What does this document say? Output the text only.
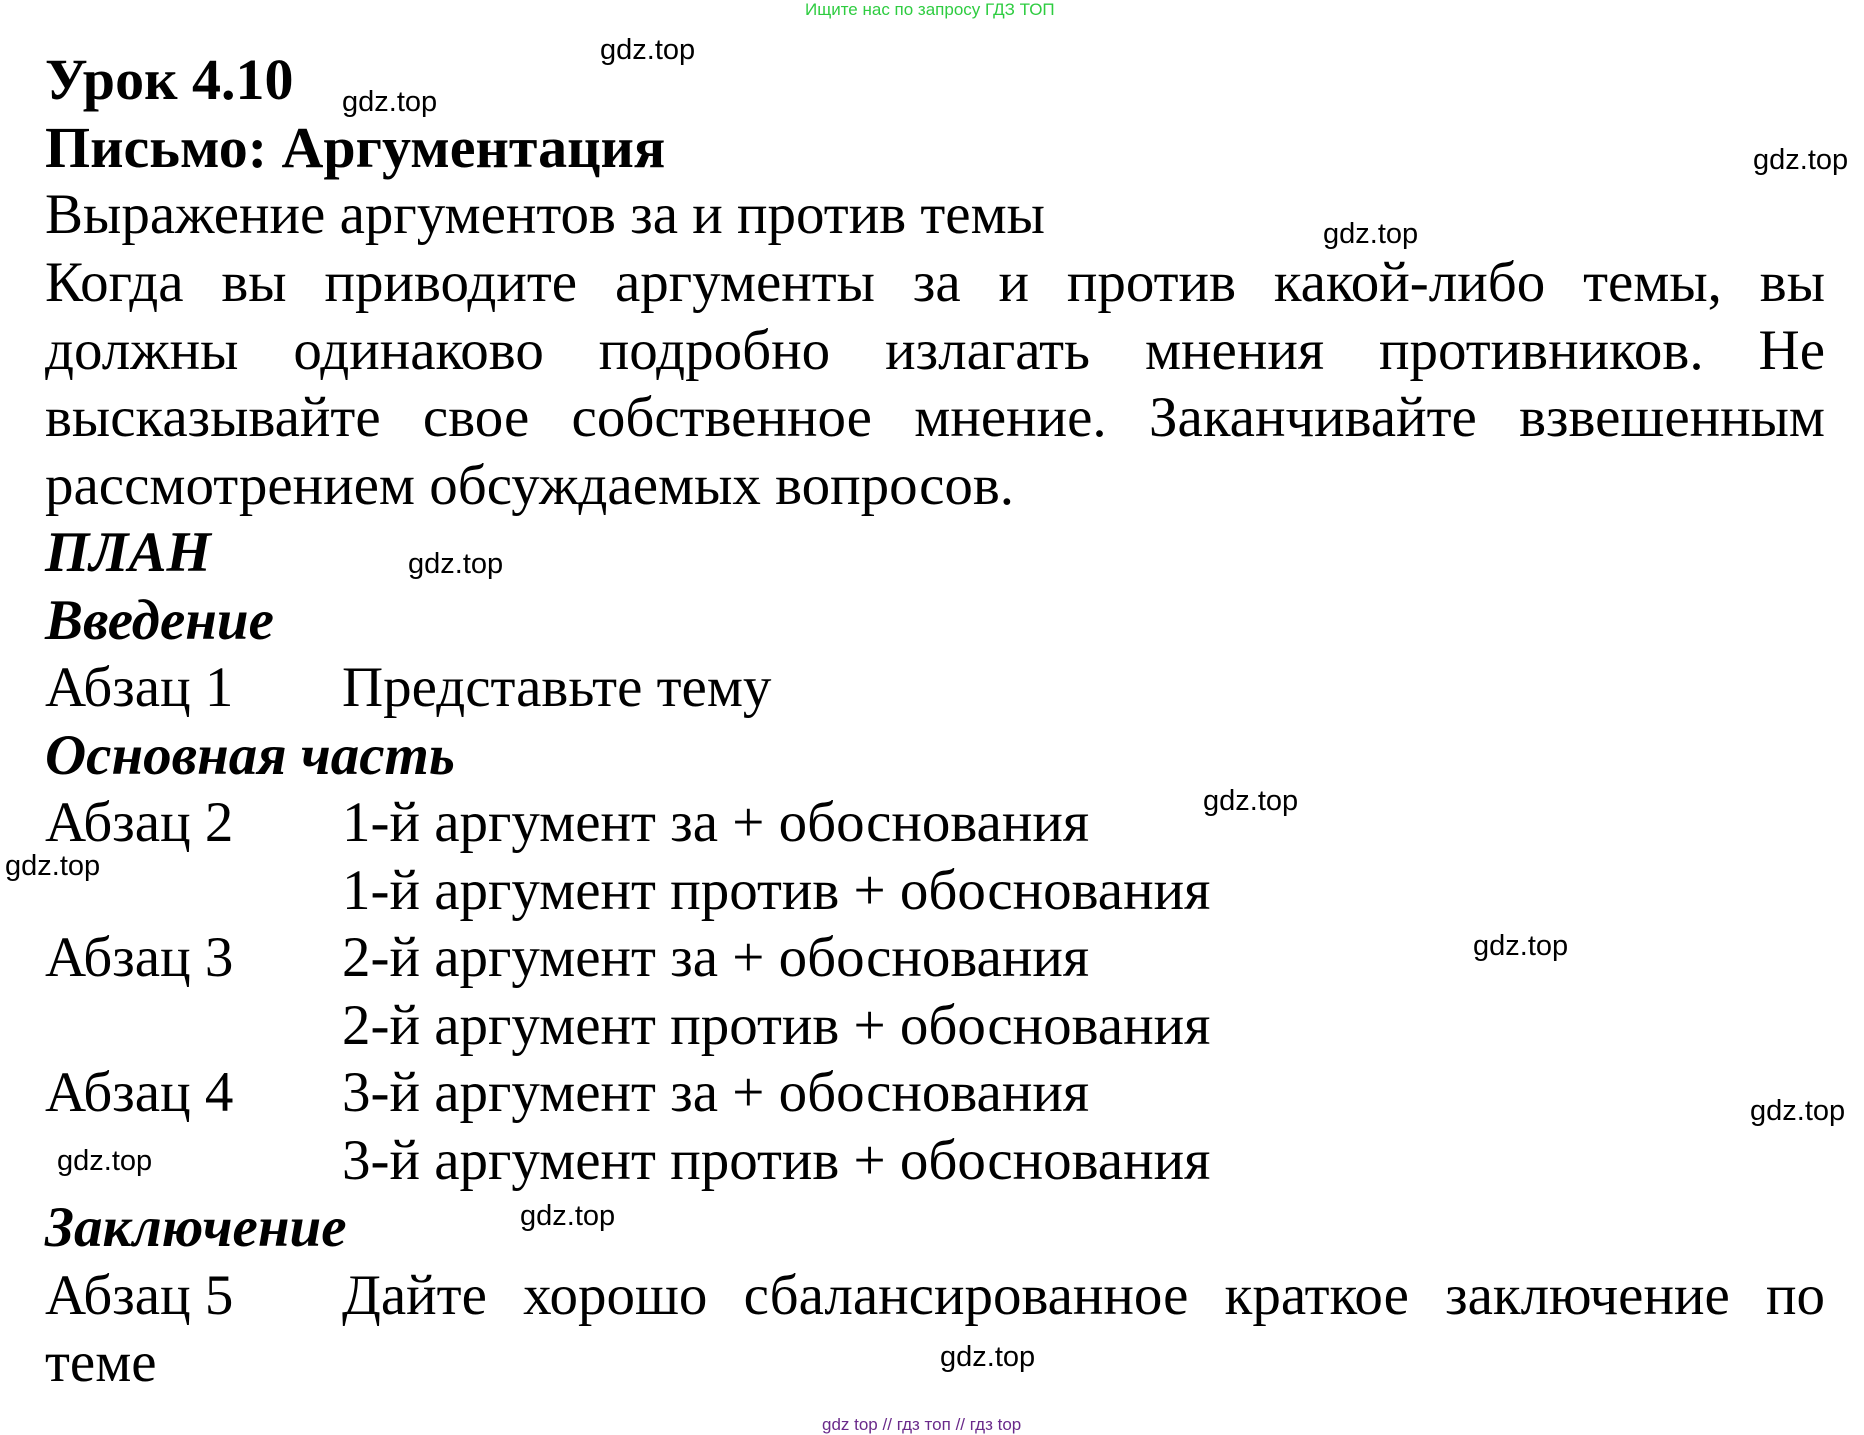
Ищите нас по запросу ГДЗ ТОП
Урок 4.10
Письмо: Аргументация
Выражение аргументов за и против темы
Когда вы приводите аргументы за и против какой-либо темы, вы
должны одинаково подробно излагать мнения противников. Не
высказывайте свое собственное мнение. Заканчивайте взвешенным
рассмотрением обсуждаемых вопросов.
ПЛАН
Введение
Абзац 1 Представьте тему
Основная часть
Абзац 2 1-й аргумент за + обоснования
1-й аргумент против + обоснования
Абзац 3 2-й аргумент за + обоснования
2-й аргумент против + обоснования
Абзац 4 3-й аргумент за + обоснования
3-й аргумент против + обоснования
Заключение
Абзац 5 Дайте хорошо сбалансированное краткое заключение по
теме
gdz.top
gdz.top
gdz.top
gdz.top
gdz.top
gdz.top
gdz.top
gdz.top
gdz.top
gdz.top
gdz.top
gdz.top
gdz top // гдз топ // гдз top
